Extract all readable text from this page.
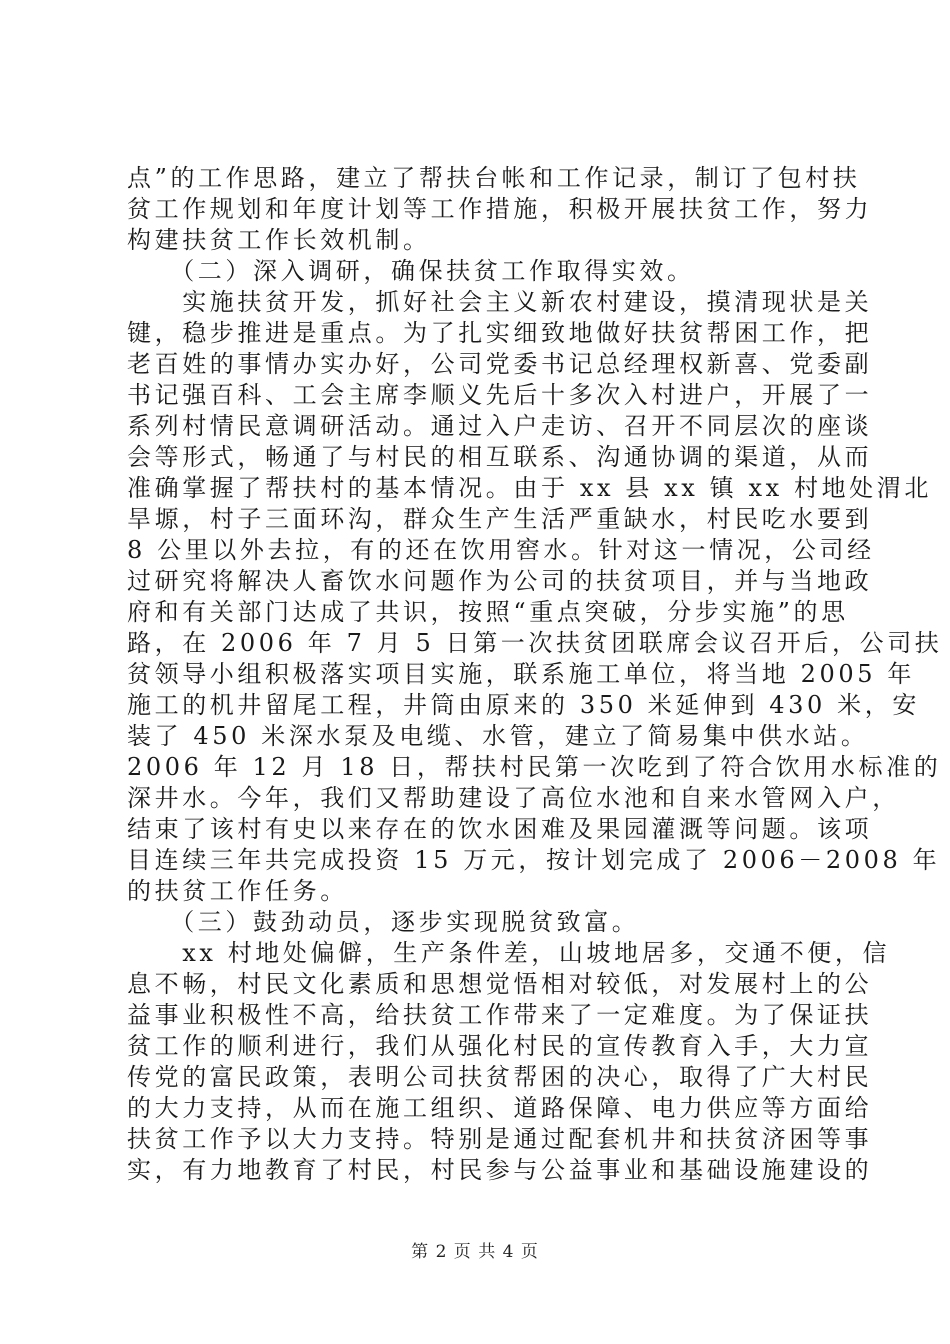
点”的工作思路，建立了帮扶台帐和工作记录，制订了包村扶
贫工作规划和年度计划等工作措施，积极开展扶贫工作，努力
构建扶贫工作长效机制。
　　（二）深入调研，确保扶贫工作取得实效。
　　实施扶贫开发，抓好社会主义新农村建设，摸清现状是关
键，稳步推进是重点。为了扎实细致地做好扶贫帮困工作，把
老百姓的事情办实办好，公司党委书记总经理权新喜、党委副
书记强百科、工会主席李顺义先后十多次入村进户，开展了一
系列村情民意调研活动。通过入户走访、召开不同层次的座谈
会等形式，畅通了与村民的相互联系、沟通协调的渠道，从而
准确掌握了帮扶村的基本情况。由于 xx 县 xx 镇 xx 村地处渭北
旱塬，村子三面环沟，群众生产生活严重缺水，村民吃水要到
8 公里以外去拉，有的还在饮用窖水。针对这一情况，公司经
过研究将解决人畜饮水问题作为公司的扶贫项目，并与当地政
府和有关部门达成了共识，按照“重点突破，分步实施”的思
路，在 2006 年 7 月 5 日第一次扶贫团联席会议召开后，公司扶
贫领导小组积极落实项目实施，联系施工单位，将当地 2005 年
施工的机井留尾工程，井筒由原来的 350 米延伸到 430 米，安
装了 450 米深水泵及电缆、水管，建立了简易集中供水站。
2006 年 12 月 18 日，帮扶村民第一次吃到了符合饮用水标准的
深井水。今年，我们又帮助建设了高位水池和自来水管网入户，
结束了该村有史以来存在的饮水困难及果园灌溉等问题。该项
目连续三年共完成投资 15 万元，按计划完成了 2006－2008 年
的扶贫工作任务。
　　（三）鼓劲动员，逐步实现脱贫致富。
　　xx 村地处偏僻，生产条件差，山坡地居多，交通不便，信
息不畅，村民文化素质和思想觉悟相对较低，对发展村上的公
益事业积极性不高，给扶贫工作带来了一定难度。为了保证扶
贫工作的顺利进行，我们从强化村民的宣传教育入手，大力宣
传党的富民政策，表明公司扶贫帮困的决心，取得了广大村民
的大力支持，从而在施工组织、道路保障、电力供应等方面给
扶贫工作予以大力支持。特别是通过配套机井和扶贫济困等事
实，有力地教育了村民，村民参与公益事业和基础设施建设的
第 2 页 共 4 页
